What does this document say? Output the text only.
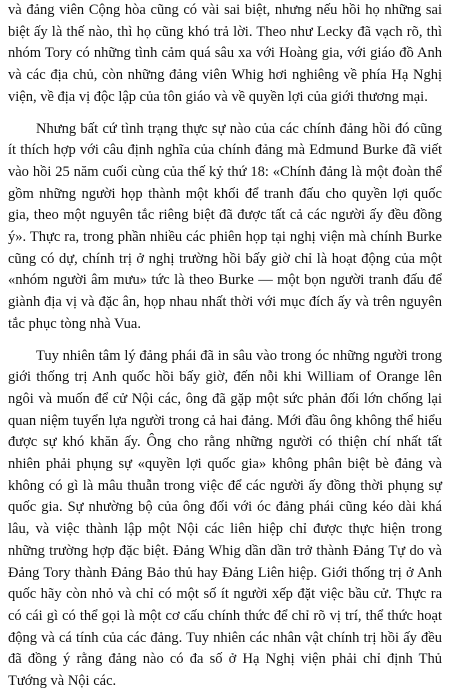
và đảng viên Cộng hòa cũng có vài sai biệt, nhưng nếu hồi họ những sai biệt ấy là thế nào, thì họ cũng khó trả lời. Theo như Lecky đã vạch rõ, thì nhóm Tory có những tình cảm quá sâu xa với Hoàng gia, với giáo đồ Anh và các địa chủ, còn những đảng viên Whig hơi nghiêng về phía Hạ Nghị viện, về địa vị độc lập của tôn giáo và về quyền lợi của giới thương mại.

Nhưng bất cứ tình trạng thực sự nào của các chính đảng hồi đó cũng ít thích hợp với câu định nghĩa của chính đảng mà Edmund Burke đã viết vào hồi 25 năm cuối cùng của thế kỷ thứ 18: «Chính đảng là một đoàn thể gồm những người họp thành một khối để tranh đấu cho quyền lợi quốc gia, theo một nguyên tắc riêng biệt đã được tất cả các người ấy đều đồng ý». Thực ra, trong phần nhiều các phiên họp tại nghị viện mà chính Burke cũng có dự, chính trị ở nghị trường hồi bấy giờ chỉ là hoạt động của một «nhóm người âm mưu» tức là theo Burke — một bọn người tranh đấu để giành địa vị và đặc ân, họp nhau nhất thời với mục đích ấy và trên nguyên tắc phục tòng nhà Vua.

Tuy nhiên tâm lý đảng phái đã in sâu vào trong óc những người trong giới thống trị Anh quốc hồi bấy giờ, đến nỗi khi William of Orange lên ngôi và muốn để cử Nội các, ông đã gặp một sức phản đối lớn chống lại quan niệm tuyển lựa người trong cả hai đảng. Mới đầu ông không thể hiểu được sự khó khăn ấy. Ông cho rằng những người có thiện chí nhất tất nhiên phải phụng sự «quyền lợi quốc gia» không phân biệt bè đảng và không có gì là mâu thuẫn trong việc để các người ấy đồng thời phụng sự quốc gia. Sự nhường bộ của ông đối với óc đảng phái cũng kéo dài khá lâu, và việc thành lập một Nội các liên hiệp chỉ được thực hiện trong những trường hợp đặc biệt. Đảng Whig dần dần trở thành Đảng Tự do và Đảng Tory thành Đảng Bảo thủ hay Đảng Liên hiệp. Giới thống trị ở Anh quốc hãy còn nhỏ và chỉ có một số ít người xếp đặt việc bầu cử. Thực ra có cái gì có thể gọi là một cơ cấu chính thức để chỉ rõ vị trí, thể thức hoạt động và cá tính của các đảng. Tuy nhiên các nhân vật chính trị hồi ấy đều đã đồng ý rằng đảng nào có đa số ở Hạ Nghị viện phải chỉ định Thủ Tướng và Nội các.
